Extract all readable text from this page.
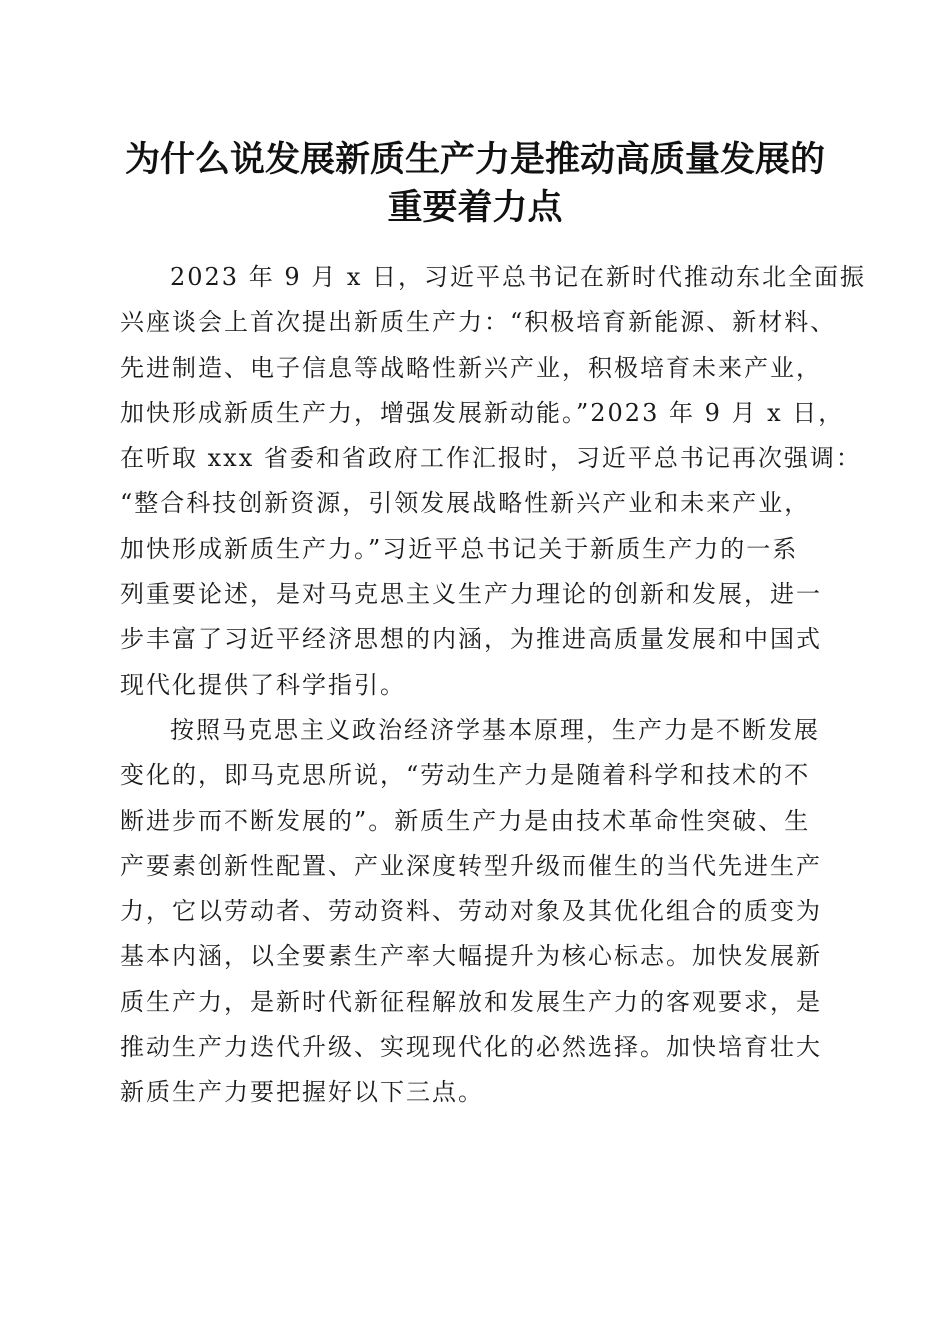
为什么说发展新质生产力是推动高质量发展的
重要着力点

2023 年 9 月 x 日，习近平总书记在新时代推动东北全面振
兴座谈会上首次提出新质生产力：“积极培育新能源、新材料、
先进制造、电子信息等战略性新兴产业，积极培育未来产业，
加快形成新质生产力，增强发展新动能。”2023 年 9 月 x 日，
在听取 xxx 省委和省政府工作汇报时，习近平总书记再次强调：
“整合科技创新资源，引领发展战略性新兴产业和未来产业，
加快形成新质生产力。”习近平总书记关于新质生产力的一系
列重要论述，是对马克思主义生产力理论的创新和发展，进一
步丰富了习近平经济思想的内涵，为推进高质量发展和中国式
现代化提供了科学指引。

按照马克思主义政治经济学基本原理，生产力是不断发展
变化的，即马克思所说，“劳动生产力是随着科学和技术的不
断进步而不断发展的”。新质生产力是由技术革命性突破、生
产要素创新性配置、产业深度转型升级而催生的当代先进生产
力，它以劳动者、劳动资料、劳动对象及其优化组合的质变为
基本内涵，以全要素生产率大幅提升为核心标志。加快发展新
质生产力，是新时代新征程解放和发展生产力的客观要求，是
推动生产力迭代升级、实现现代化的必然选择。加快培育壮大
新质生产力要把握好以下三点。
